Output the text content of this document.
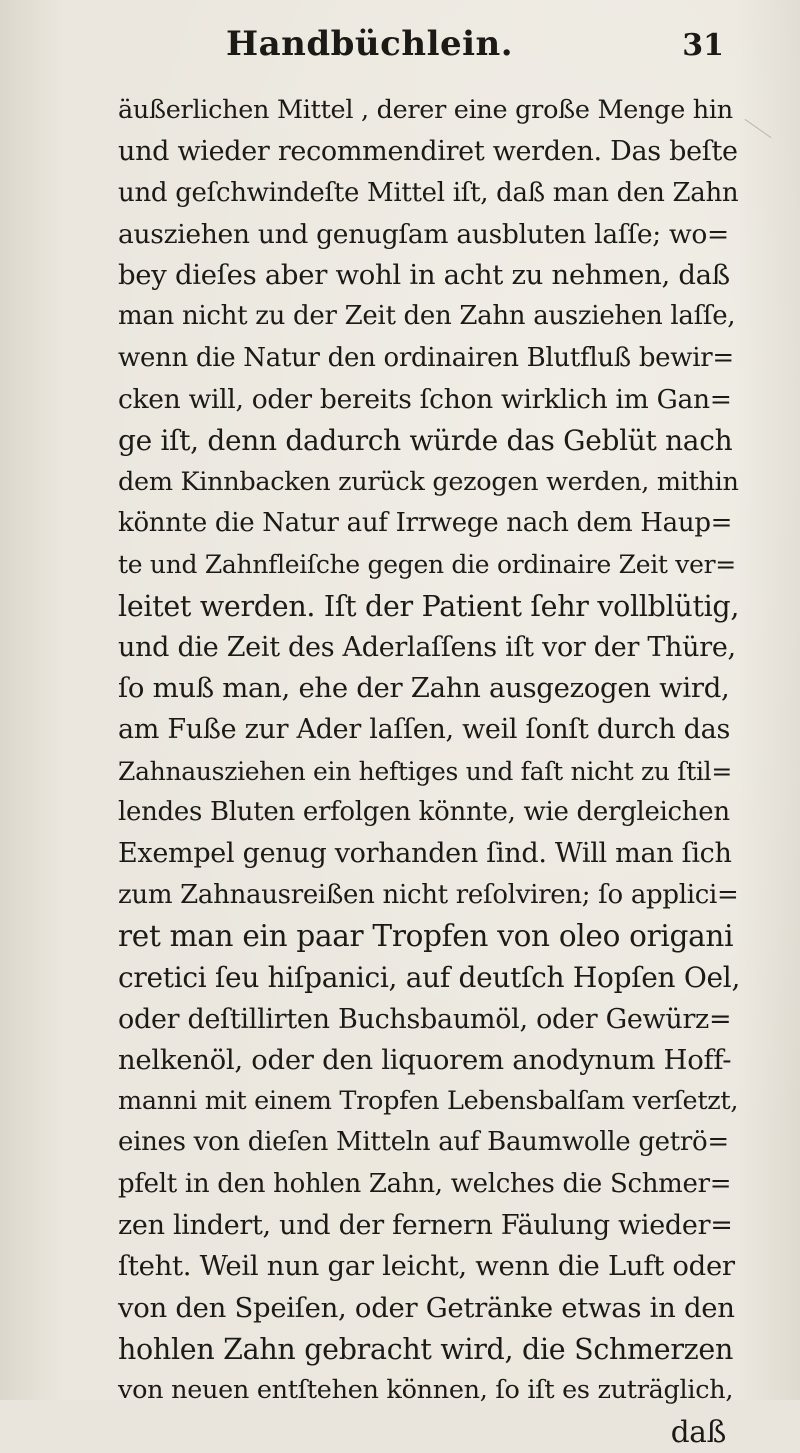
Handbüchlein.	31
äußerlichen Mittel , derer eine große Menge hin
und wieder recommendiret werden. Das beſte
und geſchwindeſte Mittel iſt, daß man den Zahn
ausziehen und genugſam ausbluten laſſe; wo=
bey dieſes aber wohl in acht zu nehmen, daß
man nicht zu der Zeit den Zahn ausziehen laſſe,
wenn die Natur den ordinairen Blutfluß bewir=
cken will, oder bereits ſchon wirklich im Gan=
ge iſt, denn dadurch würde das Geblüt nach
dem Kinnbacken zurück gezogen werden, mithin
könnte die Natur auf Irrwege nach dem Haup=
te und Zahnfleiſche gegen die ordinaire Zeit ver=
leitet werden. Iſt der Patient ſehr vollblütig,
und die Zeit des Aderlaſſens iſt vor der Thüre,
ſo muß man, ehe der Zahn ausgezogen wird,
am Fuße zur Ader laſſen, weil ſonſt durch das
Zahnausziehen ein heftiges und faſt nicht zu ſtil=
lendes Bluten erfolgen könnte, wie dergleichen
Exempel genug vorhanden ſind. Will man ſich
zum Zahnausreißen nicht reſolviren; ſo applici=
ret man ein paar Tropfen von oleo origani
cretici ſeu hiſpanici, auf deutſch Hopſen Oel,
oder deſtillirten Buchsbaumöl, oder Gewürz=
nelkenöl, oder den liquorem anodynum Hoff-
manni mit einem Tropfen Lebensbalſam verſetzt,
eines von dieſen Mitteln auf Baumwolle getrö=
pfelt in den hohlen Zahn, welches die Schmer=
zen lindert, und der fernern Fäulung wieder=
ſteht. Weil nun gar leicht, wenn die Luft oder
von den Speiſen, oder Getränke etwas in den
hohlen Zahn gebracht wird, die Schmerzen
von neuen entſtehen können, ſo iſt es zuträglich,
daß
